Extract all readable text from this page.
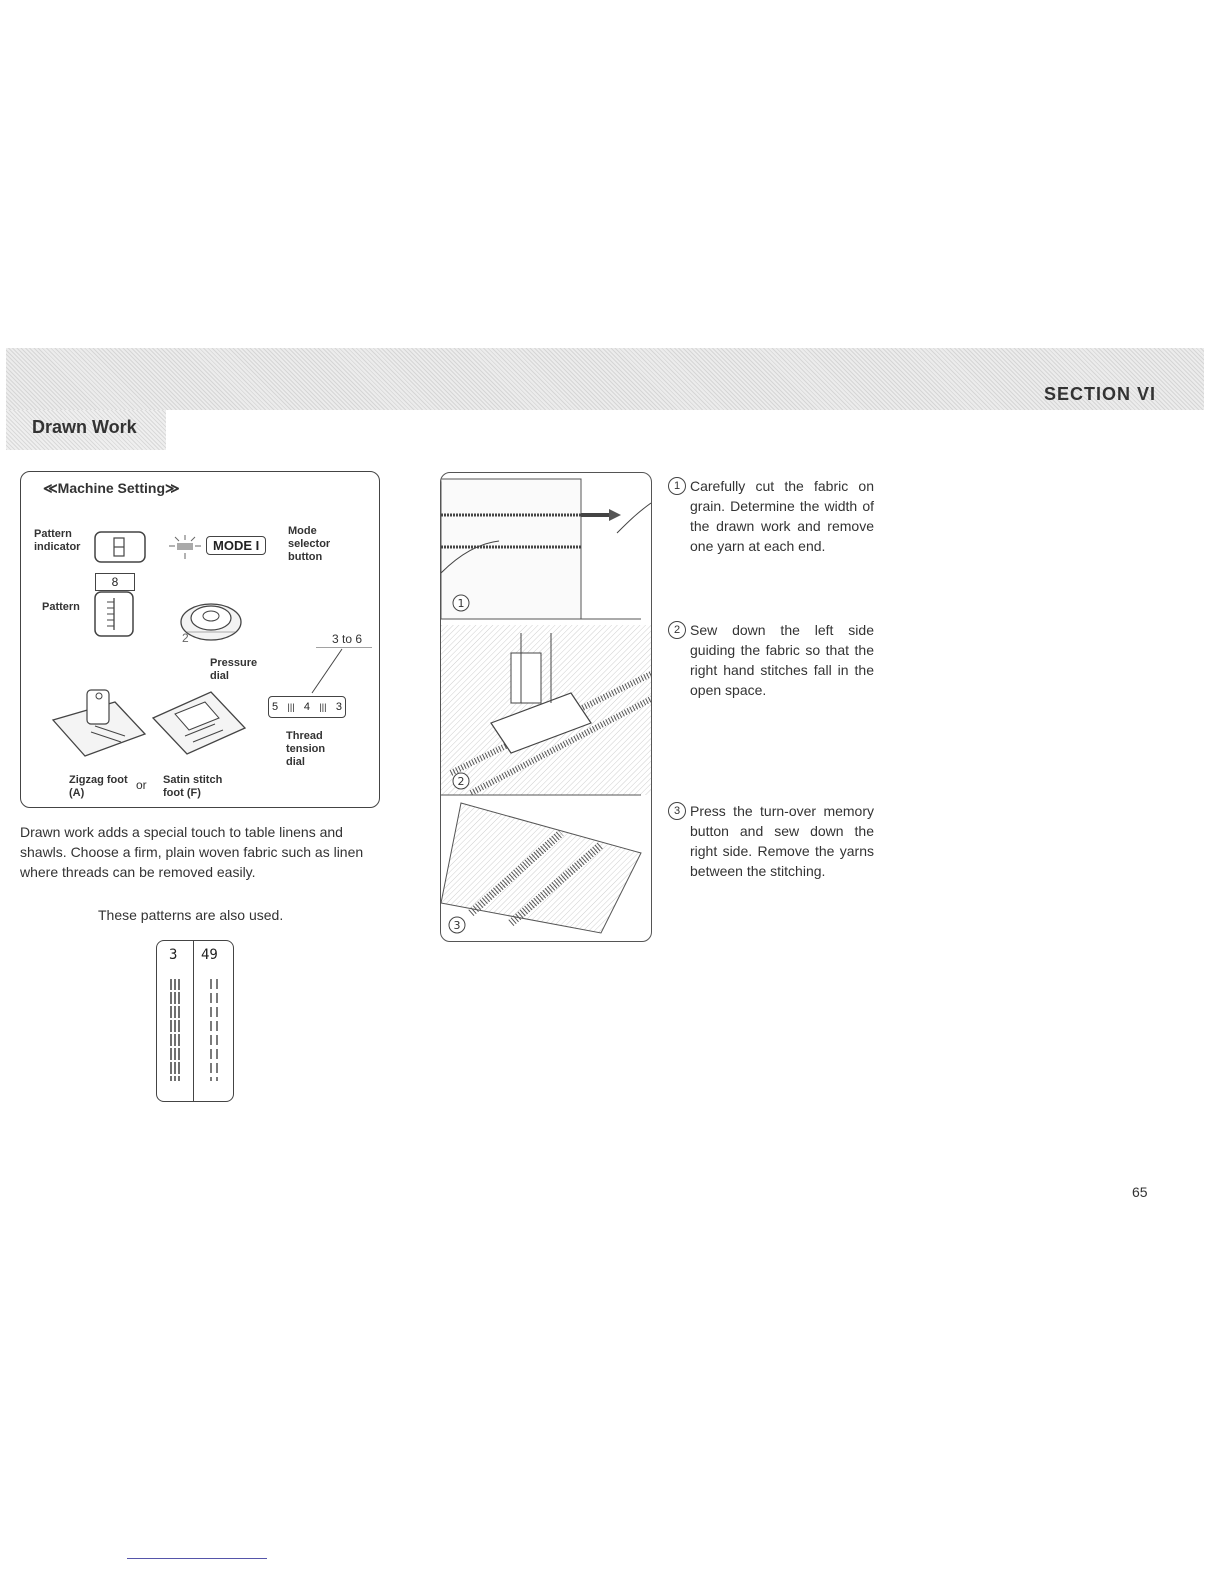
SECTION VI
Drawn Work
≪Machine Setting≫
Pattern indicator	MODE I
Mode selector button
8
Pattern
2
Pressure dial
3 to 6
5 ||| 4 ||| 3
Thread tension dial
Zigzag foot (A)
or Satin stitch foot (F)
Drawn work adds a special touch to table linens and shawls. Choose a firm, plain woven fabric such as linen where threads can be removed easily.
These patterns are also used.
3 49
1
2
3
1 Carefully cut the fabric on grain. Determine the width of the drawn work and remove one yarn at each end.
2 Sew down the left side guiding the fabric so that the right hand stitches fall in the open space.
3 Press the turn-over memory button and sew down the right side. Remove the yarns between the stitching.
65
